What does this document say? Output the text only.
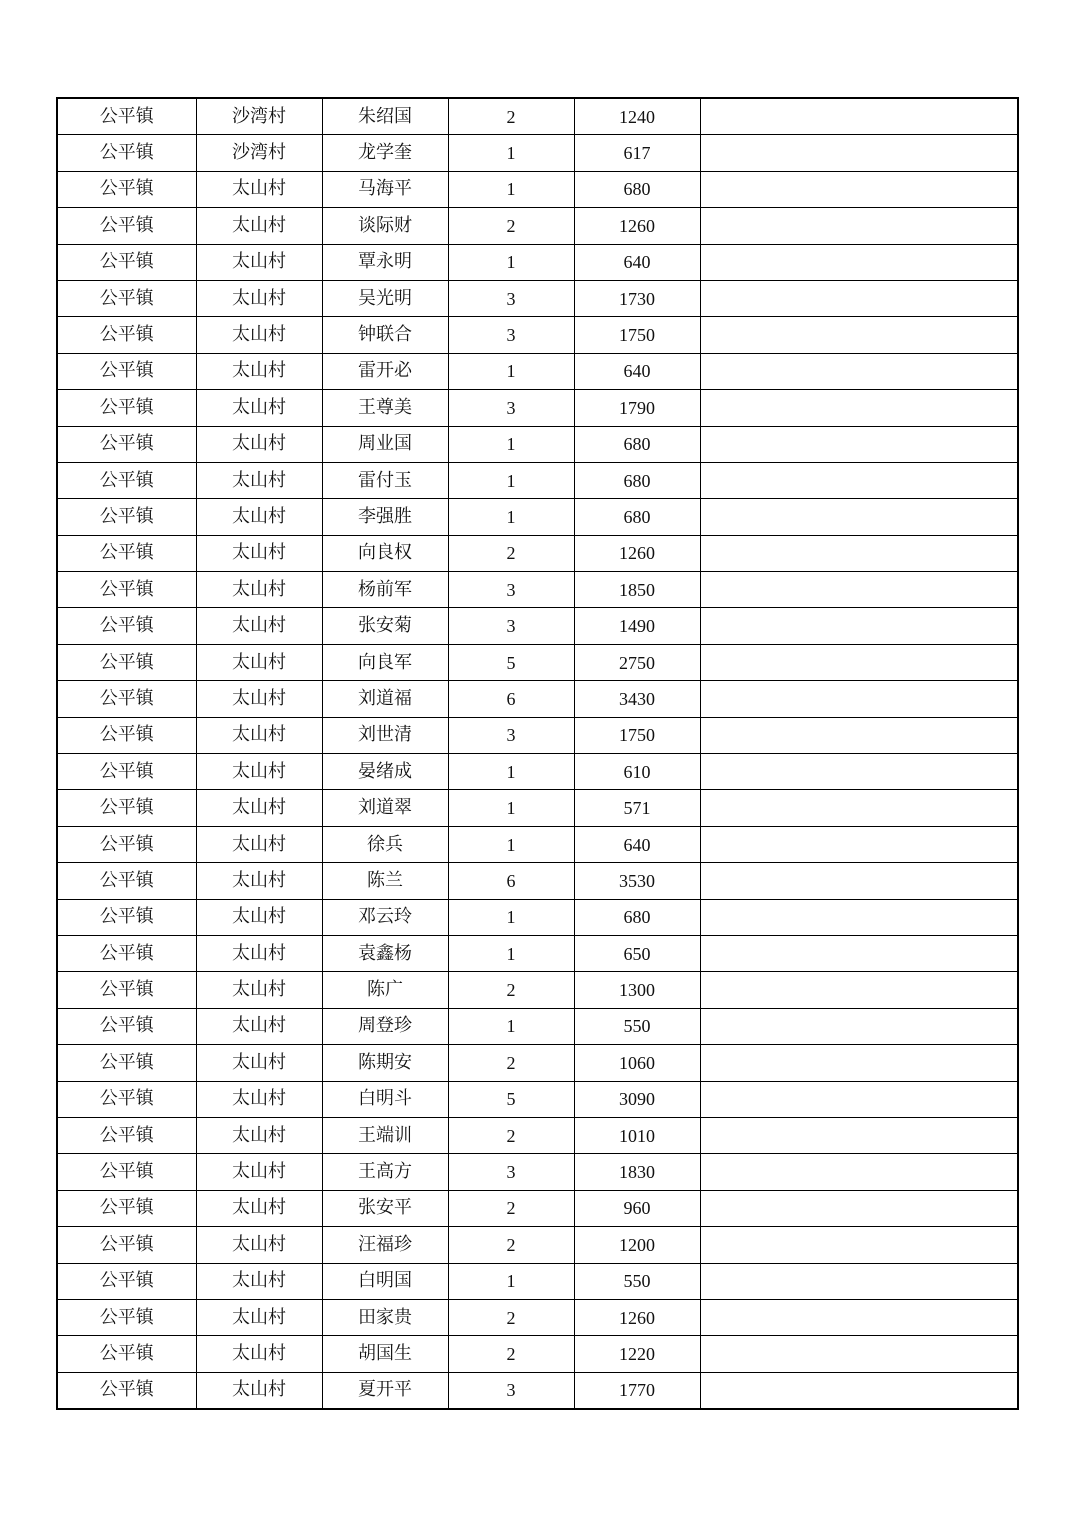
公平镇	沙湾村	朱绍国	2	1240	
公平镇	沙湾村	龙学奎	1	617	
公平镇	太山村	马海平	1	680	
公平镇	太山村	谈际财	2	1260	
公平镇	太山村	覃永明	1	640	
公平镇	太山村	吴光明	3	1730	
公平镇	太山村	钟联合	3	1750	
公平镇	太山村	雷开必	1	640	
公平镇	太山村	王尊美	3	1790	
公平镇	太山村	周业国	1	680	
公平镇	太山村	雷付玉	1	680	
公平镇	太山村	李强胜	1	680	
公平镇	太山村	向良权	2	1260	
公平镇	太山村	杨前军	3	1850	
公平镇	太山村	张安菊	3	1490	
公平镇	太山村	向良军	5	2750	
公平镇	太山村	刘道福	6	3430	
公平镇	太山村	刘世清	3	1750	
公平镇	太山村	晏绪成	1	610	
公平镇	太山村	刘道翠	1	571	
公平镇	太山村	徐兵	1	640	
公平镇	太山村	陈兰	6	3530	
公平镇	太山村	邓云玲	1	680	
公平镇	太山村	袁鑫杨	1	650	
公平镇	太山村	陈广	2	1300	
公平镇	太山村	周登珍	1	550	
公平镇	太山村	陈期安	2	1060	
公平镇	太山村	白明斗	5	3090	
公平镇	太山村	王端训	2	1010	
公平镇	太山村	王高方	3	1830	
公平镇	太山村	张安平	2	960	
公平镇	太山村	汪福珍	2	1200	
公平镇	太山村	白明国	1	550	
公平镇	太山村	田家贵	2	1260	
公平镇	太山村	胡国生	2	1220	
公平镇	太山村	夏开平	3	1770	
